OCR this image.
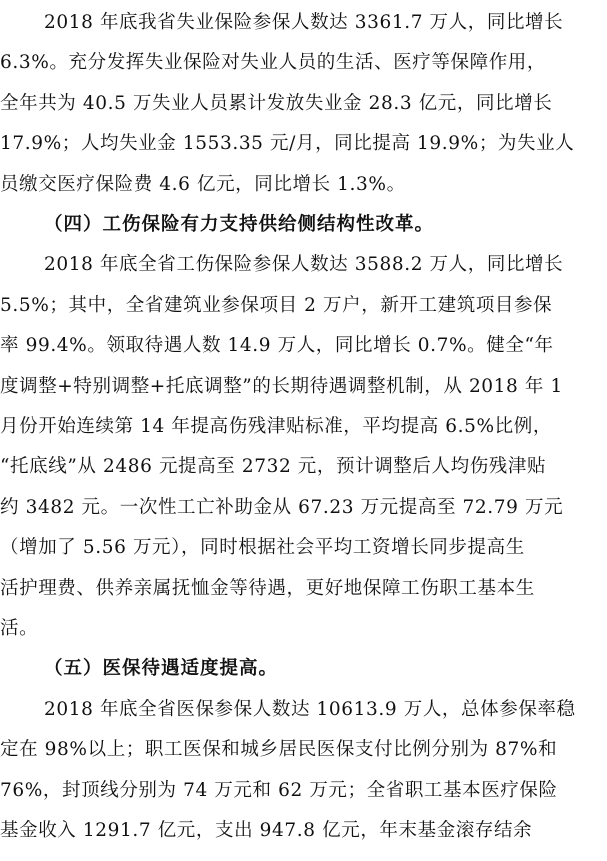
2018 年底我省失业保险参保人数达 3361.7 万人，同比增长
6.3%。充分发挥失业保险对失业人员的生活、医疗等保障作用，
全年共为 40.5 万失业人员累计发放失业金 28.3 亿元，同比增长
17.9%；人均失业金 1553.35 元/月，同比提高 19.9%；为失业人
员缴交医疗保险费 4.6 亿元，同比增长 1.3%。
（四）工伤保险有力支持供给侧结构性改革。
2018 年底全省工伤保险参保人数达 3588.2 万人，同比增长
5.5%；其中，全省建筑业参保项目 2 万户，新开工建筑项目参保
率 99.4%。领取待遇人数 14.9 万人，同比增长 0.7%。健全“年
度调整+特别调整+托底调整”的长期待遇调整机制，从 2018 年 1
月份开始连续第 14 年提高伤残津贴标准，平均提高 6.5%比例，
“托底线”从 2486 元提高至 2732 元，预计调整后人均伤残津贴
约 3482 元。一次性工亡补助金从 67.23 万元提高至 72.79 万元
（增加了 5.56 万元），同时根据社会平均工资增长同步提高生
活护理费、供养亲属抚恤金等待遇，更好地保障工伤职工基本生
活。
（五）医保待遇适度提高。
2018 年底全省医保参保人数达 10613.9 万人，总体参保率稳
定在 98%以上；职工医保和城乡居民医保支付比例分别为 87%和
76%，封顶线分别为 74 万元和 62 万元；全省职工基本医疗保险
基金收入 1291.7 亿元，支出 947.8 亿元，年末基金滚存结余
